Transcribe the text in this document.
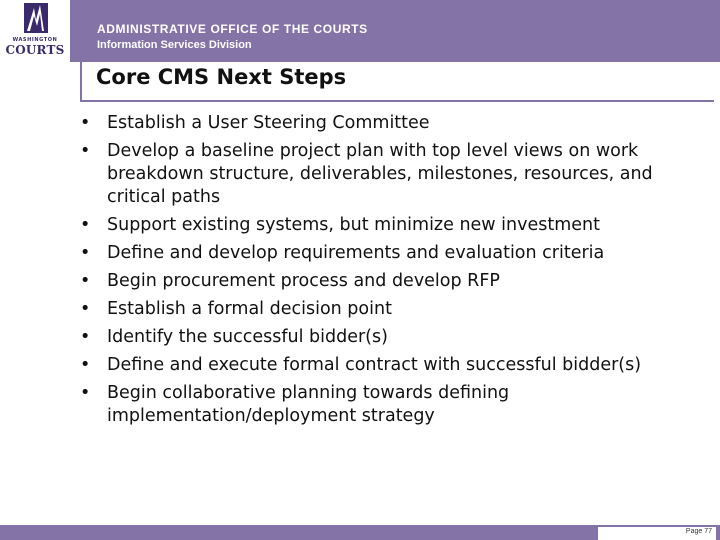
WASHINGTON
COURTS
ADMINISTRATIVE OFFICE OF THE COURTS
Information Services Division
Core CMS Next Steps
• Establish a User Steering Committee
• Develop a baseline project plan with top level views on work breakdown structure, deliverables, milestones, resources, and critical paths
• Support existing systems, but minimize new investment
• Define and develop requirements and evaluation criteria
• Begin procurement process and develop RFP
• Establish a formal decision point
• Identify the successful bidder(s)
• Define and execute formal contract with successful bidder(s)
• Begin collaborative planning towards defining implementation/deployment strategy
Page 77
